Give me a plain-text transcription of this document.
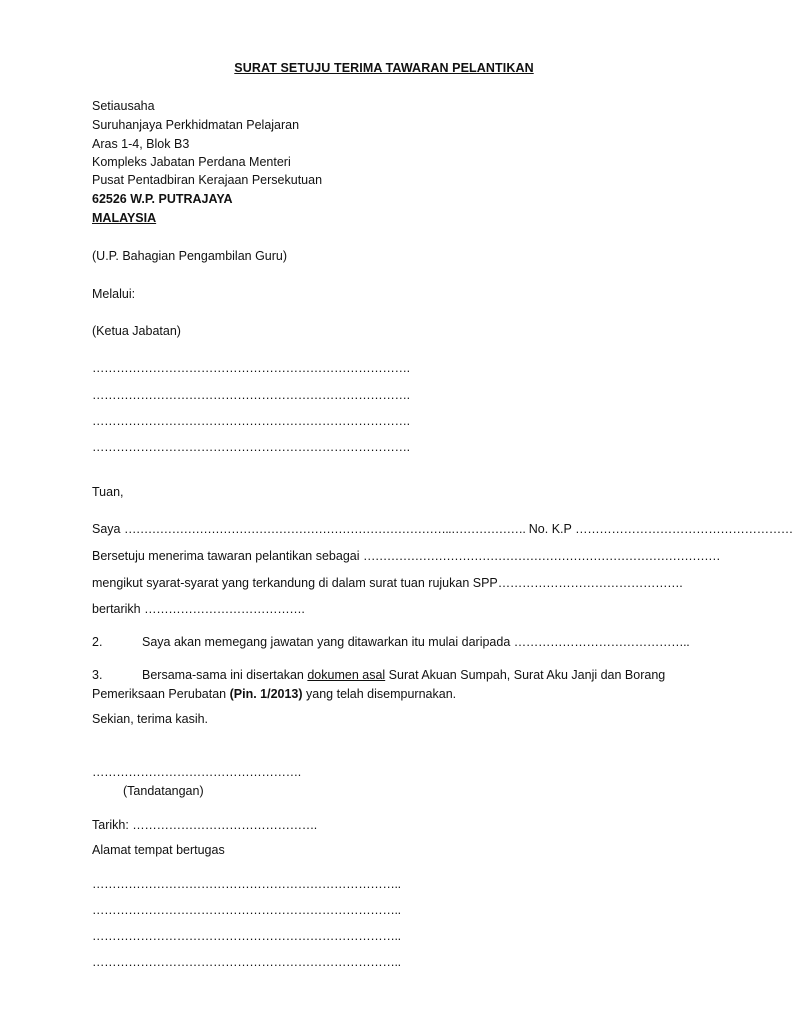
SURAT SETUJU TERIMA TAWARAN PELANTIKAN
Setiausaha
Suruhanjaya Perkhidmatan Pelajaran
Aras 1-4, Blok B3
Kompleks Jabatan Perdana Menteri
Pusat Pentadbiran Kerajaan Persekutuan
62526 W.P. PUTRAJAYA
MALAYSIA
(U.P. Bahagian Pengambilan Guru)
Melalui:
(Ketua Jabatan)
…………………………………………………………………….
…………………………………………………………………….
…………………………………………………………………….
…………………………………………………………………….
Tuan,
Saya ………………………………………………………………………..………………. No. K.P ………………………………………………
Bersetuju menerima tawaran pelantikan sebagai ………………………………………………………………………………
mengikut syarat-syarat yang terkandung di dalam surat tuan rujukan SPP……………………………………….
bertarikh ………………………………….
2.	Saya akan memegang jawatan yang ditawarkan itu mulai daripada ……………………………………..
3.	Bersama-sama ini disertakan dokumen asal Surat Akuan Sumpah, Surat Aku Janji dan Borang
Pemeriksaan Perubatan (Pin. 1/2013) yang telah disempurnakan.
Sekian, terima kasih.
…………………………………………….
(Tandatangan)
Tarikh: ……………………………………….
Alamat tempat bertugas
…………………………………………………………………..
…………………………………………………………………..
…………………………………………………………………..
…………………………………………………………………..
